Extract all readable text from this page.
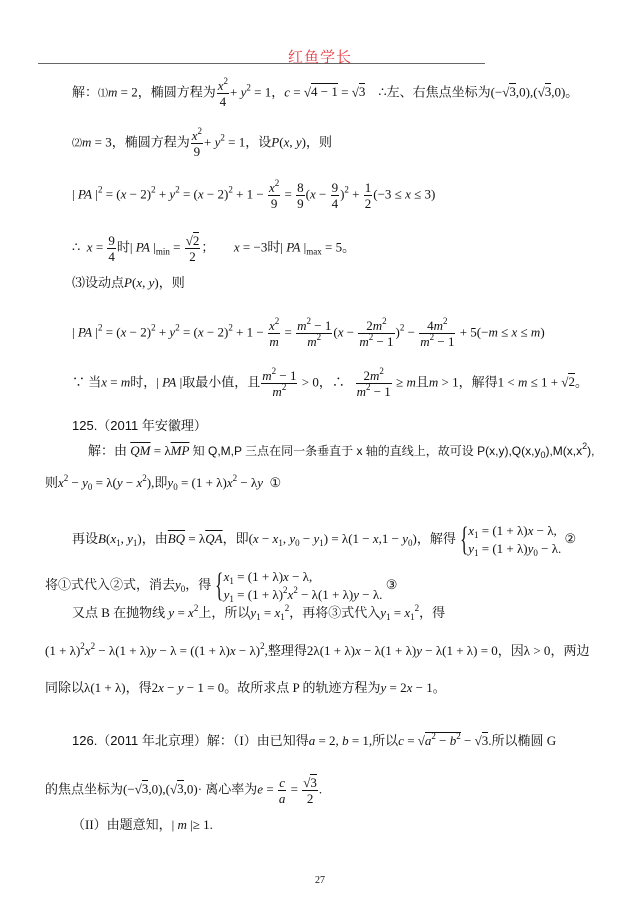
红鱼学长
解：⑴m = 2，椭圆方程为 $\frac{x^2}{4} + y^2 = 1$，c = √4 − 1 = √3 ∴左、右焦点坐标为(−√3,0),(√3,0)。
⑵m = 3，椭圆方程为 $\frac{x^2}{9} + y^2 = 1$，设P(x, y)，则
| PA $|^2 = (x - 2)^2 + y^2 = (x - 2)^2 + 1 - \frac{x^2}{9} = \frac{8}{9} (x - \frac{9}{4} )^2 + \frac{1}{2} (-3 \le x \le 3)$
∴  $x = \frac{9}{4}$ 时| PA $|_{min} = \frac{√2}{2}$ ；      x = −3时| PA $|_{max} = 5$。
⑶设动点P(x, y)，则
| PA $|^2 = (x - 2)^2 + y^2 = (x - 2)^2 + 1 - \frac{x^2}{m} = \frac{m^2 - 1}{m^2} (x - \frac{2m^2}{m^2 - 1} )^2 - \frac{4m^2}{m^2 - 1} + 5(-m \le x \le m)$
∵ 当x = m时，| PA |取最小值，且 $\frac{m^2 - 1}{m^2} > 0$，∴ $\frac{2m^2}{m^2 - 1} \ge m$且m > 1，解得1 < m ≤ 1 + √2。
125.（2011 年安徽理）
解：由 $\overline{QM} = \lambda\overline{MP}$ 知 Q,M,P 三点在同一条垂直于 x 轴的直线上，故可设 $P(x,y),Q(x,y_0),M(x,x^2)$,
则$x^2 - y_0 = \lambda(y - x^2)$,即$y_0 = (1 + \lambda)x^2 - \lambda y$ ①
再设$B(x_1$, $y_1$)，由$\overline{BQ} = \lambda\overline{QA}$，即($x - x_1$, $y_0 - y_1) = \lambda(1 - x,1 - y_0)$，解得 { $x_1 = (1 + \lambda)x - \lambda$,
$y_1 = (1 + \lambda)y_0 - \lambda$.
②
将①式代入②式，消去$y_0$，得 { $x_1 = (1 + \lambda)x - \lambda$,
$y_1 = (1 + \lambda)^2x^2 - \lambda(1 + \lambda)y - \lambda$.
③
又点 B 在抛物线 $y = x^2$上，所以$y_1 = x_1^2$，再将③式代入$y_1 = x_1^2$，得
$(1 + \lambda)^2x^2 - \lambda(1 + \lambda)y - \lambda = ((1 + \lambda)x - \lambda)^2$,整理得2λ(1 + λ)x − λ(1 + λ)y − λ(1 + λ) = 0，因λ > 0，两边
同除以λ(1 + λ)，得2x − y − 1 = 0。故所求点 P 的轨迹方程为y = 2x − 1。
126.（2011 年北京理）解：（I）由已知得a = 2, b = 1,所以$c = √a^2 - b^2 - √3$.所以椭圆 G
的焦点坐标为(−√3,0),(√3,0)· 离心率为$e = \frac{c}{a} = \frac{√3}{2}$ .
（II）由题意知，| m |≥ 1.
27
